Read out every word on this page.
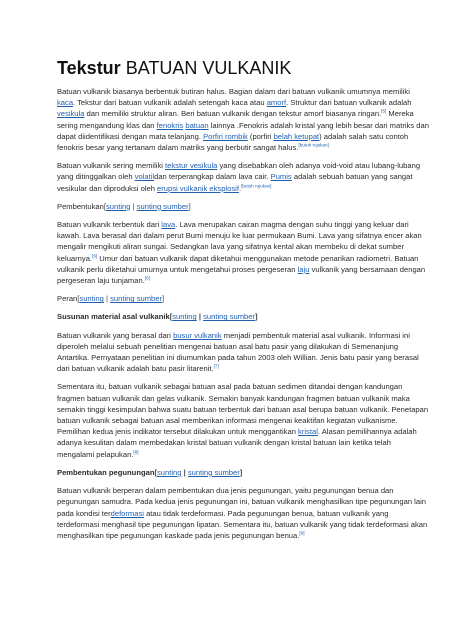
Tekstur BATUAN VULKANIK

Batuan vulkanik biasanya berbentuk butiran halus. Bagian dalam dari batuan vulkanik umumnya memiliki kaca. Tekstur dari batuan vulkanik adalah setengah kaca atau amorf. Struktur dari batuan vulkanik adalah vesikula dan memiliki struktur aliran. Beri batuan vulkanik dengan tekstur amorf biasanya ringan.[5] Mereka sering mengandung klas dan fenokris batuan lainnya .Fenokris adalah kristal yang lebih besar dari matriks dan dapat diidentifikasi dengan mata telanjang. Porfiri rombik (porfiri belah ketupat) adalah salah satu contoh fenokris besar yang tertanam dalam matriks yang berbutir sangat halus.[butuh rujukan]

Batuan vulkanik sering memiliki tekstur vesikula yang disebabkan oleh adanya void-void atau lubang-lubang yang ditinggalkan oleh volatildan terperangkap dalam lava cair. Pumis adalah sebuah batuan yang sangat vesikular dan diproduksi oleh erupsi vulkanik eksplosif.[butuh rujukan]

Pembentukan[sunting | sunting sumber]

Batuan vulkanik terbentuk dari lava. Lava merupakan cairan magma dengan suhu tinggi yang keluar dari kawah. Lava berasal dari dalam perut Bumi menuju ke luar permukaan Bumi. Lava yang sifatnya encer akan mengalir mengikuti aliran sungai. Sedangkan lava yang sifatnya kental akan membeku di dekat sumber keluarnya.[6] Umur dari batuan vulkanik dapat diketahui menggunakan metode penarikan radiometri. Batuan vulkanik perlu diketahui umurnya untuk mengetahui proses pergeseran laju vulkanik yang bersamaan dengan pergeseran laju tunjaman.[6]

Peran[sunting | sunting sumber]
Susunan material asal vulkanik[sunting | sunting sumber]

Batuan vulkanik yang berasal dari busur vulkanik menjadi pembentuk material asal vulkanik. Informasi ini diperoleh melalui sebuah penelitian mengenai batuan asal batu pasir yang dilakukan di Semenanjung Antartika. Pernyataan penelitian ini diumumkan pada tahun 2003 oleh Willian. Jenis batu pasir yang berasal dari batuan vulkanik adalah batu pasir litarenit.[7]

Sementara itu, batuan vulkanik sebagai batuan asal pada batuan sedimen ditandai dengan kandungan fragmen batuan vulkanik dan gelas vulkanik. Semakin banyak kandungan fragmen batuan vulkanik maka semakin tinggi kesimpulan bahwa suatu batuan terbentuk dari batuan asal berupa batuan vulkanik. Penetapan batuan vulkanik sebagai batuan asal memberikan informasi mengenai keaktifan kegiatan vulkanisme. Pemilihan kedua jenis indikator tersebut dilakukan untuk menggantikan kristal. Alasan pemilihannya adalah adanya kesulitan dalam membedakan kristal batuan vulkanik dengan kristal batuan lain ketika telah mengalami pelapukan.[8]

Pembentukan pegunungan[sunting | sunting sumber]

Batuan vulkanik berperan dalam pembentukan dua jenis pegunungan, yaitu pegunungan benua dan pegunungan samudra. Pada kedua jenis pegunungan ini, batuan vulkanik menghasilkan tipe pegunungan lain pada kondisi terdeformasi atau tidak terdeformasi. Pada pegunungan benua, batuan vulkanik yang terdeformasi menghasil tipe pegunungan lipatan. Sementara itu, batuan vulkanik yang tidak terdeformasi akan menghasilkan tipe pegunungan kaskade pada jenis pegunungan benua.[9]
